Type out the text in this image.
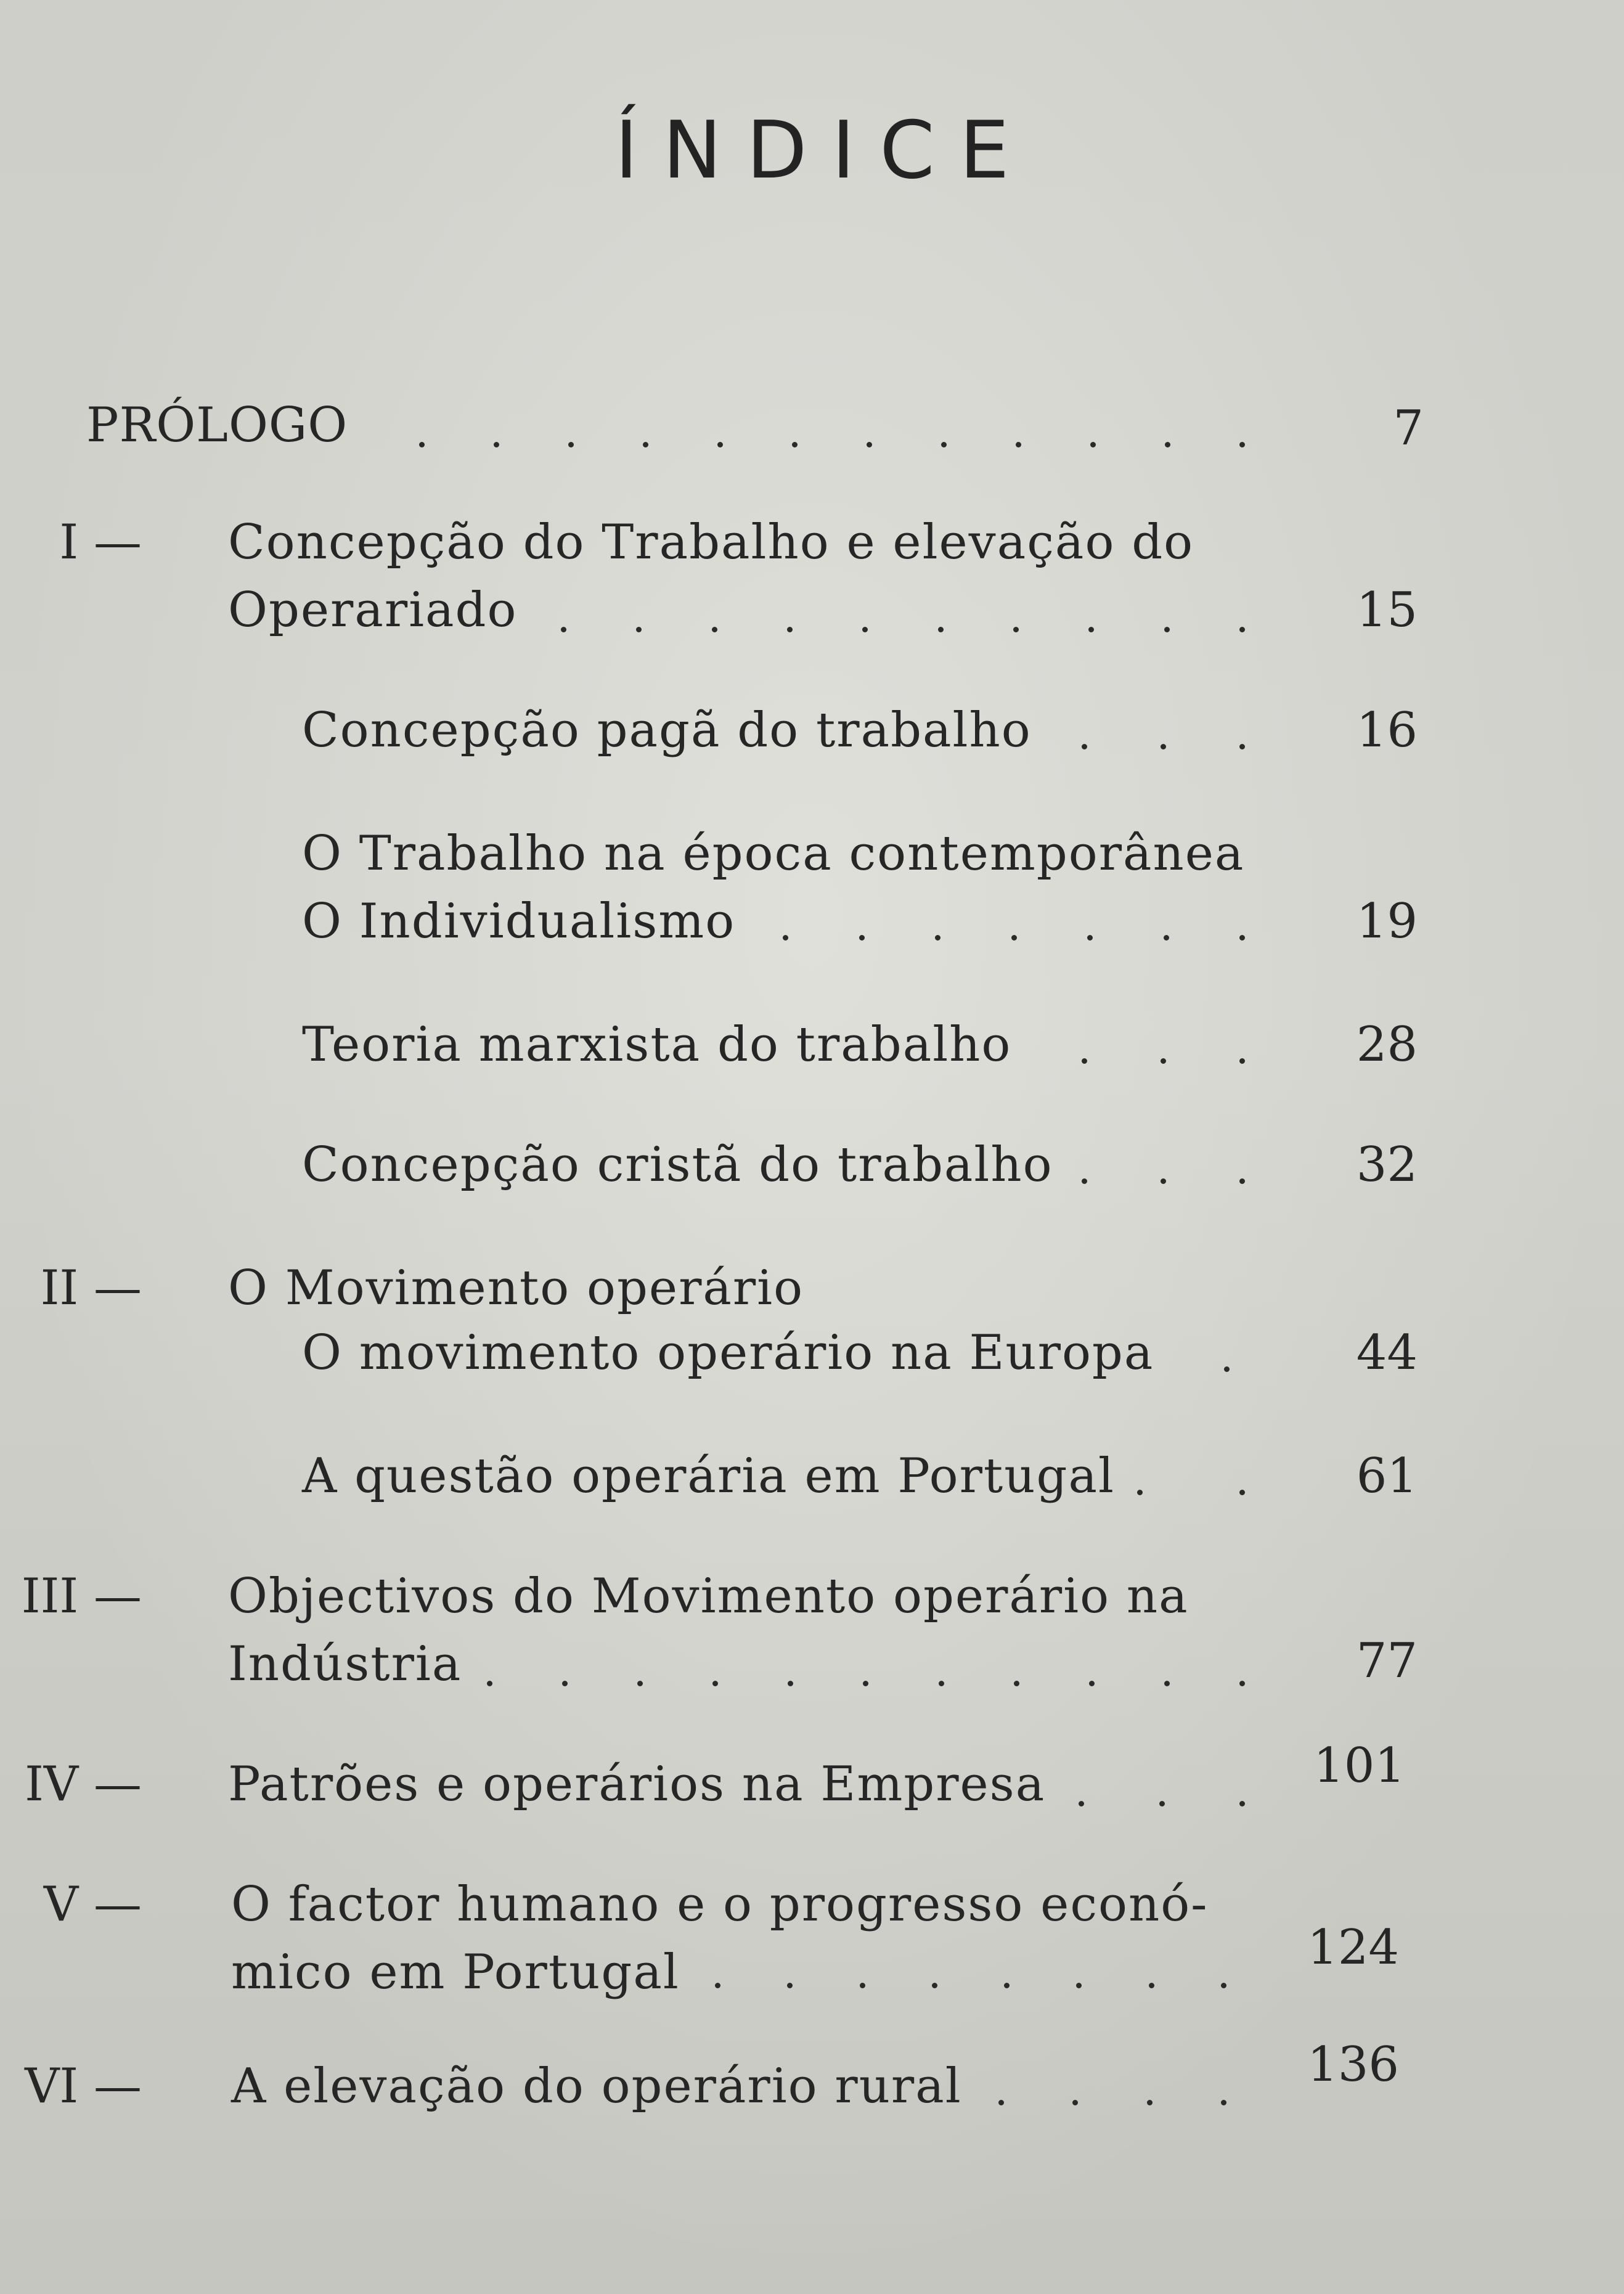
ÍNDICE
PRÓLOGO	7
I — Concepção do Trabalho e elevação do
Operariado	15
Concepção pagã do trabalho	16
O Trabalho na época contemporânea
O Individualismo	19
Teoria marxista do trabalho	28
Concepção cristã do trabalho	32
II — O Movimento operário
O movimento operário na Europa	44
A questão operária em Portugal	61
III — Objectivos do Movimento operário na
Indústria	77
IV — Patrões e operários na Empresa	101
V — O factor humano e o progresso econó-
mico em Portugal	124
VI — A elevação do operário rural	136
